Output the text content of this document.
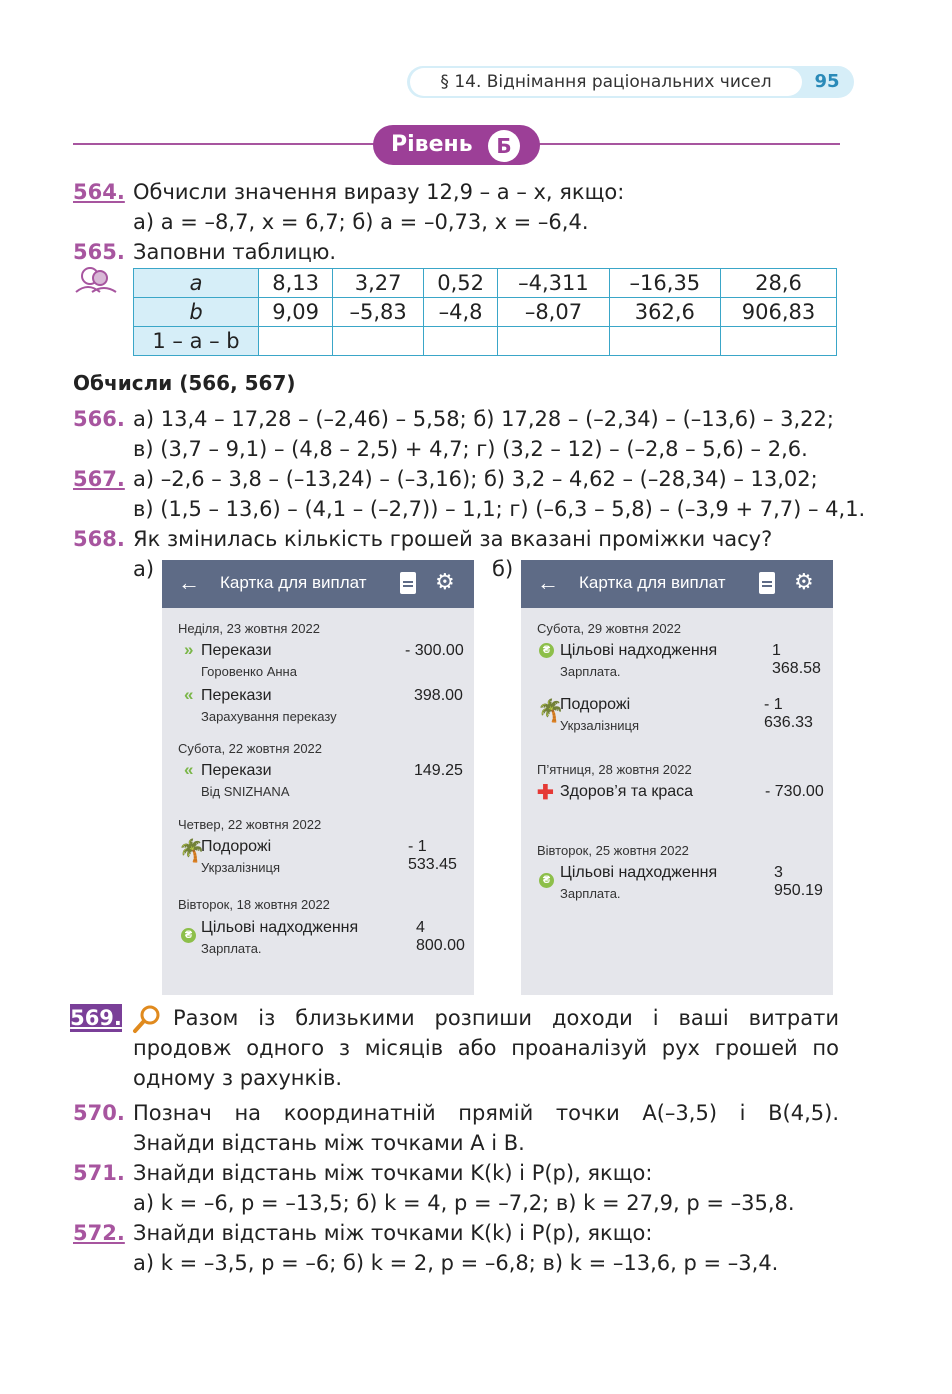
§ 14. Віднімання раціональних чисел	95
Рівень	Б
564. Обчисли значення виразу 12,9 – a – x, якщо:
а) a = –8,7, x = 6,7; б) a = –0,73, x = –6,4.
565. Заповни таблицю.
a	8,13	3,27	0,52	–4,311	–16,35	28,6
b	9,09	–5,83	–4,8	–8,07	362,6	906,83
1 – a – b						
Обчисли (566, 567)
566. а) 13,4 – 17,28 – (–2,46) – 5,58; б) 17,28 – (–2,34) – (–13,6) – 3,22;
в) (3,7 – 9,1) – (4,8 – 2,5) + 4,7; г) (3,2 – 12) – (–2,8 – 5,6) – 2,6.
567. а) –2,6 – 3,8 – (–13,24) – (–3,16); б) 3,2 – 4,62 – (–28,34) – 13,02;
в) (1,5 – 13,6) – (4,1 – (–2,7)) – 1,1; г) (–6,3 – 5,8) – (–3,9 + 7,7) – 4,1.
568. Як змінилась кількість грошей за вказані проміжки часу?
а)	б)
← Картка для виплат	⚙
Неділя, 23 жовтня 2022
» Перекази
Горовенко Анна
- 300.00
« Перекази
Зарахування переказу
398.00
Субота, 22 жовтня 2022
« Перекази
Від SNIZHANA
149.25
Четвер, 22 жовтня 2022
🌴
Подорожі
Укрзалізниця
- 1 533.45
Вівторок, 18 жовтня 2022
₴ Цільові надходження
Зарплата.
4 800.00
← Картка для виплат	⚙
Субота, 29 жовтня 2022
₴ Цільові надходження
Зарплата.
1 368.58
🌴
Подорожі
Укрзалізниця
- 1 636.33
П’ятниця, 28 жовтня 2022
✚ Здоров’я та краса	- 730.00
Вівторок, 25 жовтня 2022
₴ Цільові надходження
Зарплата.
3 950.19
569. Разом із близькими розпиши доходи і ваші витрати
продовж одного з місяців або проаналізуй рух грошей по
одному з рахунків.
570. Познач на координатній прямій точки A(–3,5) і B(4,5).
Знайди відстань між точками A і B.
571. Знайди відстань між точками K(k) і P(p), якщо:
а) k = –6, p = –13,5; б) k = 4, p = –7,2; в) k = 27,9, p = –35,8.
572. Знайди відстань між точками K(k) і P(p), якщо:
а) k = –3,5, p = –6; б) k = 2, p = –6,8; в) k = –13,6, p = –3,4.
